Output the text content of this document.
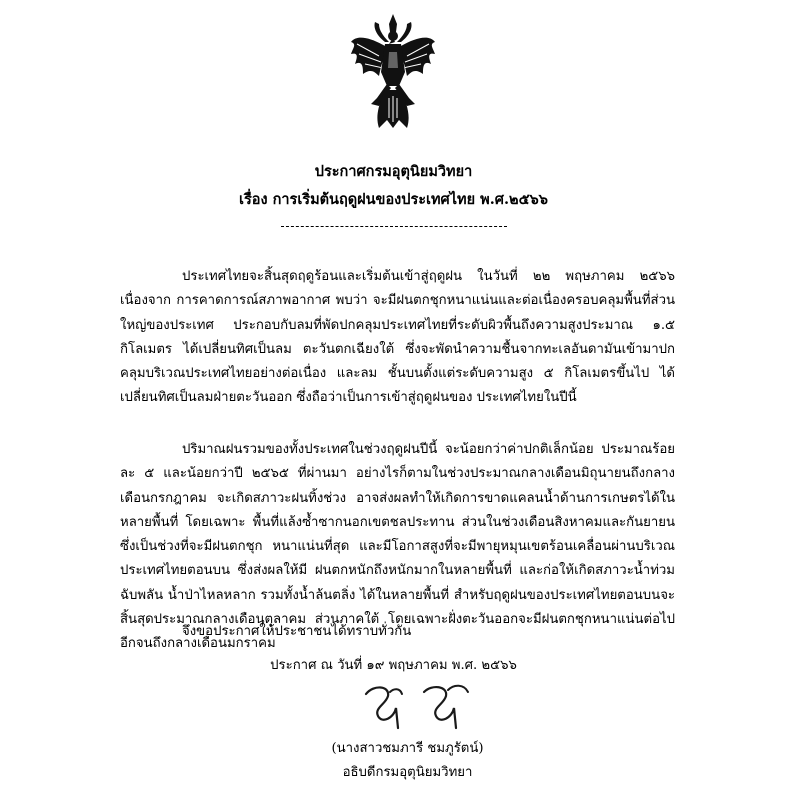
ประกาศกรมอุตุนิยมวิทยา
เรื่อง การเริ่มต้นฤดูฝนของประเทศไทย พ.ศ.๒๕๖๖
ประเทศไทยจะสิ้นสุดฤดูร้อนและเริ่มต้นเข้าสู่ฤดูฝน ในวันที่ ๒๒ พฤษภาคม ๒๕๖๖ เนื่องจาก การคาดการณ์สภาพอากาศ พบว่า จะมีฝนตกชุกหนาแน่นและต่อเนื่องครอบคลุมพื้นที่ส่วนใหญ่ของประเทศ ประกอบกับลมที่พัดปกคลุมประเทศไทยที่ระดับผิวพื้นถึงความสูงประมาณ ๑.๕ กิโลเมตร ได้เปลี่ยนทิศเป็นลม ตะวันตกเฉียงใต้ ซึ่งจะพัดนำความชื้นจากทะเลอันดามันเข้ามาปกคลุมบริเวณประเทศไทยอย่างต่อเนื่อง และลม ชั้นบนตั้งแต่ระดับความสูง ๕ กิโลเมตรขึ้นไป ได้เปลี่ยนทิศเป็นลมฝ่ายตะวันออก ซึ่งถือว่าเป็นการเข้าสู่ฤดูฝนของ ประเทศไทยในปีนี้
ปริมาณฝนรวมของทั้งประเทศในช่วงฤดูฝนปีนี้ จะน้อยกว่าค่าปกติเล็กน้อย ประมาณร้อยละ ๕ และน้อยกว่าปี ๒๕๖๕ ที่ผ่านมา อย่างไรก็ตามในช่วงประมาณกลางเดือนมิถุนายนถึงกลางเดือนกรกฎาคม จะเกิดสภาวะฝนทิ้งช่วง อาจส่งผลทำให้เกิดการขาดแคลนน้ำด้านการเกษตรได้ในหลายพื้นที่ โดยเฉพาะ พื้นที่แล้งซ้ำซากนอกเขตชลประทาน ส่วนในช่วงเดือนสิงหาคมและกันยายน ซึ่งเป็นช่วงที่จะมีฝนตกชุก หนาแน่นที่สุด และมีโอกาสสูงที่จะมีพายุหมุนเขตร้อนเคลื่อนผ่านบริเวณประเทศไทยตอนบน ซึ่งส่งผลให้มี ฝนตกหนักถึงหนักมากในหลายพื้นที่ และก่อให้เกิดสภาวะน้ำท่วมฉับพลัน น้ำป่าไหลหลาก รวมทั้งน้ำล้นตลิ่ง ได้ในหลายพื้นที่ สำหรับฤดูฝนของประเทศไทยตอนบนจะสิ้นสุดประมาณกลางเดือนตุลาคม ส่วนภาคใต้ โดยเฉพาะฝั่งตะวันออกจะมีฝนตกชุกหนาแน่นต่อไปอีกจนถึงกลางเดือนมกราคม
จึงขอประกาศให้ประชาชนได้ทราบทั่วกัน
ประกาศ ณ วันที่ ๑๙ พฤษภาคม พ.ศ. ๒๕๖๖
(นางสาวชมภารี ชมภูรัตน์)
อธิบดีกรมอุตุนิยมวิทยา
